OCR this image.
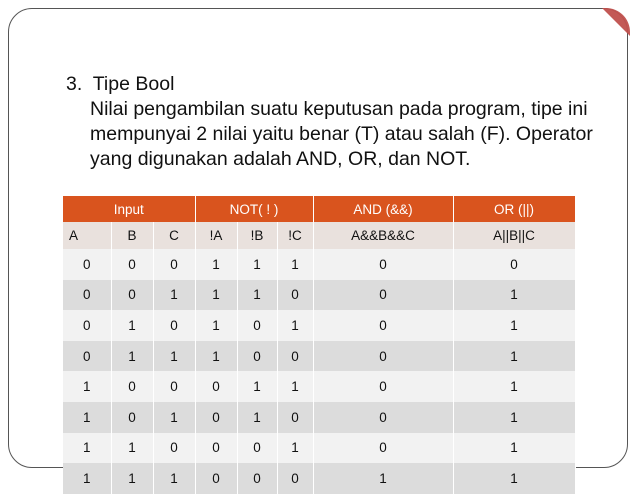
3.  Tipe Bool
Nilai pengambilan suatu keputusan pada program, tipe ini mempunyai 2 nilai yaitu benar (T) atau salah (F). Operator yang digunakan adalah AND, OR, dan NOT.
Input			NOT( ! )			AND (&&)	OR (||)
A	B	C	!A	!B	!C	A&&B&&C	A||B||C
0	0	0	1	1	1	0	0
0	0	1	1	1	0	0	1
0	1	0	1	0	1	0	1
0	1	1	1	0	0	0	1
1	0	0	0	1	1	0	1
1	0	1	0	1	0	0	1
1	1	0	0	0	1	0	1
1	1	1	0	0	0	1	1
